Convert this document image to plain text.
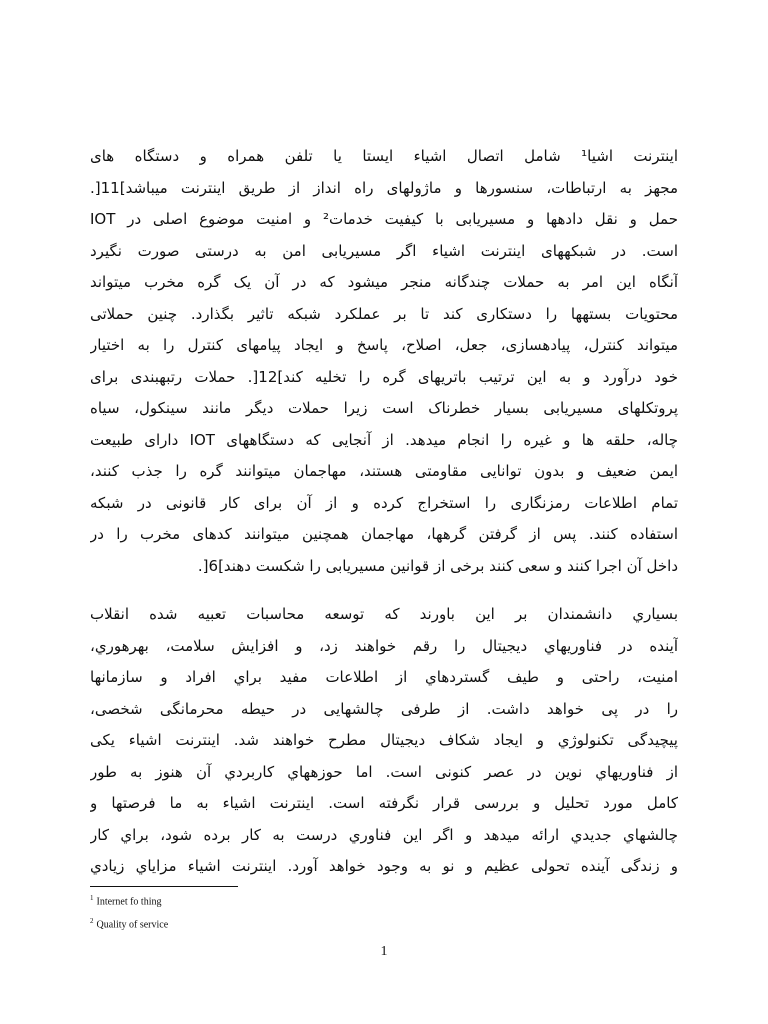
اینترنت اشیا¹ شامل اتصال اشیاء ایستا یا تلفن همراه و دستگاه های
مجهز به ارتباطات، سنسورها و ماژولهای راه انداز از طریق اینترنت میباشد]11[.
حمل و نقل دادهها و مسیریابی با کیفیت خدمات² و امنیت موضوع اصلی در IOT
است. در شبکههای اینترنت اشیاء اگر مسیریابی امن به درستی صورت نگیرد
آنگاه این امر به حملات چندگانه منجر میشود که در آن یک گره مخرب میتواند
محتویات بستهها را دستکاری کند تا بر عملکرد شبکه تاثیر بگذارد. چنین حملاتی
میتواند کنترل، پیادهسازی، جعل، اصلاح، پاسخ و ایجاد پیامهای کنترل را به اختیار
خود درآورد و به این ترتیب باتریهای گره را تخلیه کند]12[. حملات رتبهبندی برای
پروتکلهای مسیریابی بسیار خطرناک است زیرا حملات دیگر مانند سینکول، سیاه
چاله، حلقه ها و غیره را انجام میدهد. از آنجایی که دستگاههای IOT دارای طبیعت
ایمن ضعیف و بدون توانایی مقاومتی هستند، مهاجمان میتوانند گره را جذب کنند،
تمام اطلاعات رمزنگاری را استخراج کرده و از آن برای کار قانونی در شبکه
استفاده کنند. پس از گرفتن گرهها، مهاجمان همچنین میتوانند کدهای مخرب را در
داخل آن اجرا کنند و سعی کنند برخی از قوانین مسیریابی را شکست دهند]6[.
بسياري دانشمندان بر اين باورند كه توسعه محاسبات تعبيه شده انقلاب
آينده در فناوريهاي ديجيتال را رقم خواهند زد، و افزايش سلامت، بهرهوري،
امنيت، راحتی و طيف گستردهاي از اطلاعات مفيد براي افراد و سازمانها
را در پی خواهد داشت. از طرفی چالشهایی در حیطه محرمانگی شخصی،
پيچيدگی تكنولوژي و ايجاد شكاف ديجيتال مطرح خواهند شد. اینترنت اشیاء یکی
از فناوريهاي نوين در عصر كنونی است. اما حوزههاي كاربردي آن هنوز به طور
كامل مورد تحليل و بررسی قرار نگرفته است. اینترنت اشیاء به ما فرصتها و
چالشهاي جديدي ارائه ميدهد و اگر اين فناوري درست به كار برده شود، براي كار
و زندگی آينده تحولی عظيم و نو به وجود خواهد آورد. اینترنت اشیاء مزاياي زيادي
$^1$ Internet fo thing
$^2$ Quality of service
1
